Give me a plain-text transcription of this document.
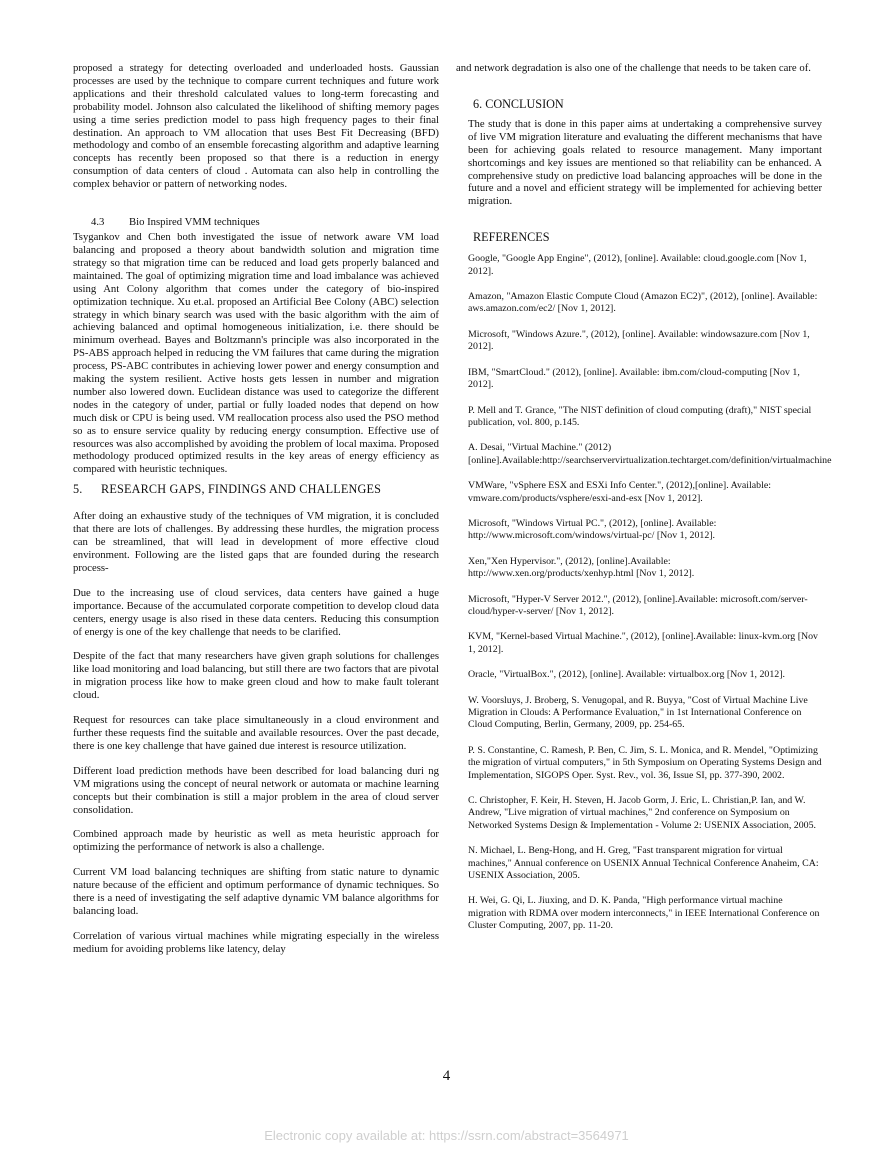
proposed a strategy for detecting overloaded and underloaded hosts. Gaussian processes are used by the technique to compare current techniques and future work applications and their threshold calculated values to long-term forecasting and probability model. Johnson also calculated the likelihood of shifting memory pages using a time series prediction model to pass high frequency pages to their final destination. An approach to VM allocation that uses Best Fit Decreasing (BFD) methodology and combo of an ensemble forecasting algorithm and adaptive learning concepts has recently been proposed so that there is a reduction in energy consumption of data centers of cloud . Automata can also help in controlling the complex behavior or pattern of networking nodes.

4.3 Bio Inspired VMM techniques

Tsygankov and Chen both investigated the issue of network aware VM load balancing and proposed a theory about bandwidth solution and migration time strategy so that migration time can be reduced and load gets properly balanced and maintained. The goal of optimizing migration time and load imbalance was achieved using Ant Colony algorithm that comes under the category of bio-inspired optimization technique. Xu et.al. proposed an Artificial Bee Colony (ABC) selection strategy in which binary search was used with the basic algorithm with the aim of achieving balanced and optimal homogeneous initialization, i.e. there should be minimum overhead. Bayes and Boltzmann's principle was also incorporated in the PS-ABS approach helped in reducing the VM failures that came during the migration process, PS-ABC contributes in achieving lower power and energy consumption and making the system resilient. Active hosts gets lessen in number and migration number also lowered down. Euclidean distance was used to categorize the different nodes in the category of under, partial or fully loaded nodes that depend on how much disk or CPU is being used. VM reallocation process also used the PSO method so as to ensure service quality by reducing energy consumption. Effective use of resources was also accomplished by avoiding the problem of local maxima. Proposed methodology produced optimized results in the key areas of energy efficiency as compared with heuristic techniques.

5. RESEARCH GAPS, FINDINGS AND CHALLENGES

After doing an exhaustive study of the techniques of VM migration, it is concluded that there are lots of challenges. By addressing these hurdles, the migration process can be streamlined, that will lead in development of more effective cloud environment. Following are the listed gaps that are founded during the research process-

Due to the increasing use of cloud services, data centers have gained a huge importance. Because of the accumulated corporate competition to develop cloud data centers, energy usage is also rised in these data centers. Reducing this consumption of energy is one of the key challenge that needs to be clarified.

Despite of the fact that many researchers have given graph solutions for challenges like load monitoring and load balancing, but still there are two factors that are pivotal in migration process like how to make green cloud and how to make fault tolerant cloud.

Request for resources can take place simultaneously in a cloud environment and further these requests find the suitable and available resources. Over the past decade, there is one key challenge that have gained due interest is resource utilization.

Different load prediction methods have been described for load balancing duri ng VM migrations using the concept of neural network or automata or machine learning concepts but their combination is still a major problem in the area of cloud server consolidation.

Combined approach made by heuristic as well as meta heuristic approach for optimizing the performance of network is also a challenge.

Current VM load balancing techniques are shifting from static nature to dynamic nature because of the efficient and optimum performance of dynamic techniques. So there is a need of investigating the self adaptive dynamic VM balance algorithms for balancing load.

Correlation of various virtual machines while migrating especially in the wireless medium for avoiding problems like latency, delay

and network degradation is also one of the challenge that needs to be taken care of.

6. CONCLUSION

The study that is done in this paper aims at undertaking a comprehensive survey of live VM migration literature and evaluating the different mechanisms that have been for achieving goals related to resource management. Many important shortcomings and key issues are mentioned so that reliability can be enhanced. A comprehensive study on predictive load balancing approaches will be done in the future and a novel and efficient strategy will be implemented for achieving better migration.

REFERENCES

Google, "Google App Engine", (2012), [online]. Available: cloud.google.com [Nov 1, 2012].

Amazon, "Amazon Elastic Compute Cloud (Amazon EC2)", (2012), [online]. Available: aws.amazon.com/ec2/ [Nov 1, 2012].

Microsoft, "Windows Azure.", (2012), [online]. Available: windowsazure.com [Nov 1, 2012].

IBM, "SmartCloud." (2012), [online]. Available: ibm.com/cloud-computing [Nov 1, 2012].

P. Mell and T. Grance, "The NIST definition of cloud computing (draft)," NIST special publication, vol. 800, p.145.

A. Desai, "Virtual Machine." (2012)[online].Available:http://searchservervirtualization.techtarget.com/definition/virtualmachine

VMWare, "vSphere ESX and ESXi Info Center.", (2012),[online]. Available: vmware.com/products/vsphere/esxi-and-esx [Nov 1, 2012].

Microsoft, "Windows Virtual PC.", (2012), [online]. Available: http://www.microsoft.com/windows/virtual-pc/ [Nov 1, 2012].

Xen,"Xen Hypervisor.", (2012), [online].Available: http://www.xen.org/products/xenhyp.html [Nov 1, 2012].

Microsoft, "Hyper-V Server 2012.", (2012), [online].Available: microsoft.com/server-cloud/hyper-v-server/ [Nov 1, 2012].

KVM, "Kernel-based Virtual Machine.", (2012), [online].Available: linux-kvm.org [Nov 1, 2012].

Oracle, "VirtualBox.", (2012), [online]. Available: virtualbox.org [Nov 1, 2012].

W. Voorsluys, J. Broberg, S. Venugopal, and R. Buyya, "Cost of Virtual Machine Live Migration in Clouds: A Performance Evaluation," in 1st International Conference on Cloud Computing, Berlin, Germany, 2009, pp. 254-65.

P. S. Constantine, C. Ramesh, P. Ben, C. Jim, S. L. Monica, and R. Mendel, "Optimizing the migration of virtual computers," in 5th Symposium on Operating Systems Design and Implementation, SIGOPS Oper. Syst. Rev., vol. 36, Issue SI, pp. 377-390, 2002.

C. Christopher, F. Keir, H. Steven, H. Jacob Gorm, J. Eric, L. Christian,P. Ian, and W. Andrew, "Live migration of virtual machines," 2nd conference on Symposium on Networked Systems Design & Implementation - Volume 2: USENIX Association, 2005.

N. Michael, L. Beng-Hong, and H. Greg, "Fast transparent migration for virtual machines," Annual conference on USENIX Annual Technical Conference Anaheim, CA: USENIX Association, 2005.

H. Wei, G. Qi, L. Jiuxing, and D. K. Panda, "High performance virtual machine migration with RDMA over modern interconnects," in IEEE International Conference on Cluster Computing, 2007, pp. 11-20.

4
Electronic copy available at: https://ssrn.com/abstract=3564971
